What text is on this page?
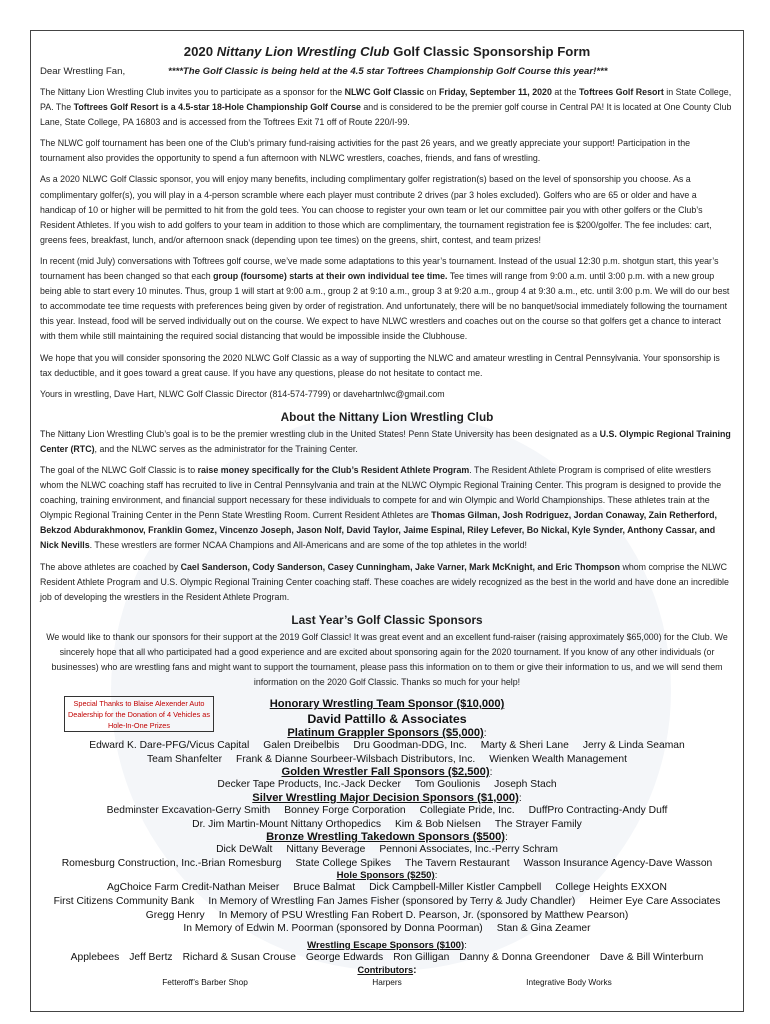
2020 Nittany Lion Wrestling Club Golf Classic Sponsorship Form
Dear Wrestling Fan,	****The Golf Classic is being held at the 4.5 star Toftrees Championship Golf Course this year!***

The Nittany Lion Wrestling Club invites you to participate as a sponsor for the NLWC Golf Classic on Friday, September 11, 2020 at the Toftrees Golf Resort in State College, PA. The Toftrees Golf Resort is a 4.5-star 18-Hole Championship Golf Course and is considered to be the premier golf course in Central PA! It is located at One County Club Lane, State College, PA 16803 and is accessed from the Toftrees Exit 71 off of Route 220/I-99.

The NLWC golf tournament has been one of the Club’s primary fund-raising activities for the past 26 years, and we greatly appreciate your support! Participation in the tournament also provides the opportunity to spend a fun afternoon with NLWC wrestlers, coaches, friends, and fans of wrestling.

As a 2020 NLWC Golf Classic sponsor, you will enjoy many benefits, including complimentary golfer registration(s) based on the level of sponsorship you choose. As a complimentary golfer(s), you will play in a 4-person scramble where each player must contribute 2 drives (par 3 holes excluded). Golfers who are 65 or older and have a handicap of 10 or higher will be permitted to hit from the gold tees. You can choose to register your own team or let our committee pair you with other golfers or the Club’s Resident Athletes. If you wish to add golfers to your team in addition to those which are complimentary, the tournament registration fee is $200/golfer. The fee includes: cart, greens fees, breakfast, lunch, and/or afternoon snack (depending upon tee times) on the greens, shirt, contest, and team prizes!

In recent (mid July) conversations with Toftrees golf course, we’ve made some adaptations to this year’s tournament. Instead of the usual 12:30 p.m. shotgun start, this year’s tournament has been changed so that each group (foursome) starts at their own individual tee time. Tee times will range from 9:00 a.m. until 3:00 p.m. with a new group being able to start every 10 minutes. Thus, group 1 will start at 9:00 a.m., group 2 at 9:10 a.m., group 3 at 9:20 a.m., group 4 at 9:30 a.m., etc. until 3:00 p.m. We will do our best to accommodate tee time requests with preferences being given by order of registration. And unfortunately, there will be no banquet/social immediately following the tournament this year. Instead, food will be served individually out on the course. We expect to have NLWC wrestlers and coaches out on the course so that golfers get a chance to interact with them while still maintaining the required social distancing that would be impossible inside the Clubhouse.

We hope that you will consider sponsoring the 2020 NLWC Golf Classic as a way of supporting the NLWC and amateur wrestling in Central Pennsylvania. Your sponsorship is tax deductible, and it goes toward a great cause. If you have any questions, please do not hesitate to contact me.

Yours in wrestling, Dave Hart, NLWC Golf Classic Director (814-574-7799) or davehartnlwc@gmail.com

About the Nittany Lion Wrestling Club

The Nittany Lion Wrestling Club’s goal is to be the premier wrestling club in the United States! Penn State University has been designated as a U.S. Olympic Regional Training Center (RTC), and the NLWC serves as the administrator for the Training Center.

The goal of the NLWC Golf Classic is to raise money specifically for the Club’s Resident Athlete Program. The Resident Athlete Program is comprised of elite wrestlers whom the NLWC coaching staff has recruited to live in Central Pennsylvania and train at the NLWC Olympic Regional Training Center. This program is designed to provide the coaching, training environment, and financial support necessary for these individuals to compete for and win Olympic and World Championships. These athletes train at the Olympic Regional Training Center in the Penn State Wrestling Room. Current Resident Athletes are Thomas Gilman, Josh Rodriguez, Jordan Conaway, Zain Retherford, Bekzod Abdurakhmonov, Franklin Gomez, Vincenzo Joseph, Jason Nolf, David Taylor, Jaime Espinal, Riley Lefever, Bo Nickal, Kyle Synder, Anthony Cassar, and Nick Nevills. These wrestlers are former NCAA Champions and All-Americans and are some of the top athletes in the world!

The above athletes are coached by Cael Sanderson, Cody Sanderson, Casey Cunningham, Jake Varner, Mark McKnight, and Eric Thompson whom comprise the NLWC Resident Athlete Program and U.S. Olympic Regional Training Center coaching staff. These coaches are widely recognized as the best in the world and have done an incredible job of developing the wrestlers in the Resident Athlete Program.

Last Year’s Golf Classic Sponsors

We would like to thank our sponsors for their support at the 2019 Golf Classic! It was great event and an excellent fund-raiser (raising approximately $65,000) for the Club. We sincerely hope that all who participated had a good experience and are excited about sponsoring again for the 2020 tournament. If you know of any other individuals (or businesses) who are wrestling fans and might want to support the tournament, please pass this information on to them or give their information to us, and we will send them information on the 2020 Golf Classic. Thanks so much for your help!

Special Thanks to Blaise Alexender Auto Dealership for the Donation of 4 Vehicles as Hole-In-One Prizes
Honorary Wrestling Team Sponsor ($10,000)
David Pattillo & Associates
Platinum Grappler Sponsors ($5,000):
Edward K. Dare-PFG/Vicus Capital Galen Dreibelbis Dru Goodman-DDG, Inc. Marty & Sheri Lane Jerry & Linda Seaman
Team Shanfelter Frank & Dianne Sourbeer-Wilsbach Distributors, Inc. Wienken Wealth Management
Golden Wrestler Fall Sponsors ($2,500):
Decker Tape Products, Inc.-Jack Decker Tom Goulionis Joseph Stach
Silver Wrestling Major Decision Sponsors ($1,000):
Bedminster Excavation-Gerry Smith Bonney Forge Corporation Collegiate Pride, Inc. DuffPro Contracting-Andy Duff
Dr. Jim Martin-Mount Nittany Orthopedics Kim & Bob Nielsen The Strayer Family
Bronze Wrestling Takedown Sponsors ($500):
Dick DeWalt Nittany Beverage Pennoni Associates, Inc.-Perry Schram
Romesburg Construction, Inc.-Brian Romesburg State College Spikes The Tavern Restaurant Wasson Insurance Agency-Dave Wasson
Hole Sponsors ($250):
AgChoice Farm Credit-Nathan Meiser Bruce Balmat Dick Campbell-Miller Kistler Campbell College Heights EXXON
First Citizens Community Bank In Memory of Wrestling Fan James Fisher (sponsored by Terry & Judy Chandler) Heimer Eye Care Associates
Gregg Henry In Memory of PSU Wrestling Fan Robert D. Pearson, Jr. (sponsored by Matthew Pearson)
In Memory of Edwin M. Poorman (sponsored by Donna Poorman) Stan & Gina Zeamer
Wrestling Escape Sponsors ($100):
Applebees Jeff Bertz Richard & Susan Crouse George Edwards Ron Gilligan Danny & Donna Greendoner Dave & Bill Winterburn
Contributors:
Fetteroff’s Barber Shop	Harpers	Integrative Body Works
